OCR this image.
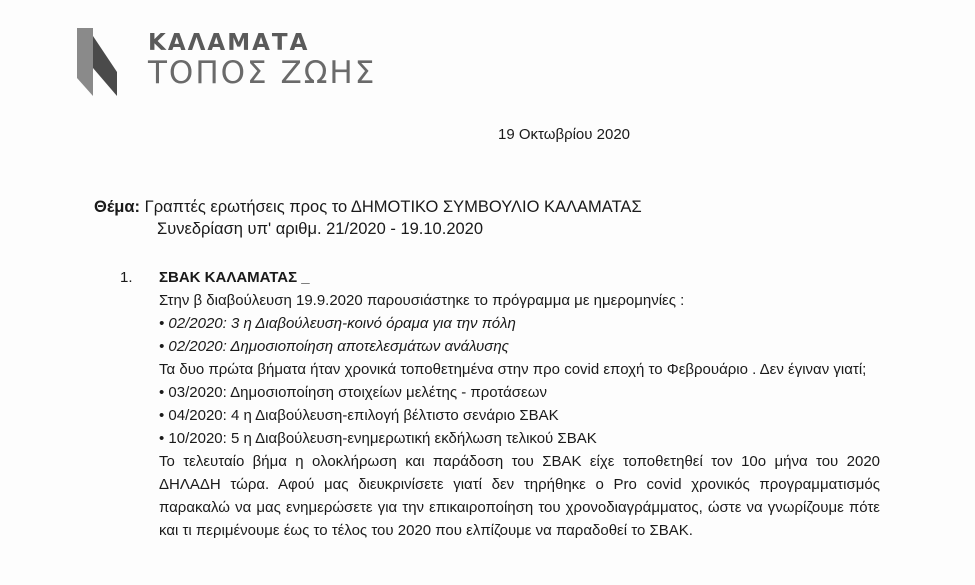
ΚΑΛΑΜΑΤΑ
ΤΟΠΟΣ ΖΩΗΣ
19 Οκτωβρίου 2020
Θέμα: Γραπτές ερωτήσεις προς το ΔΗΜΟΤΙΚΟ ΣΥΜΒΟΥΛΙΟ ΚΑΛΑΜΑΤΑΣ
Συνεδρίαση υπ' αριθμ. 21/2020 - 19.10.2020
1.	ΣΒΑΚ ΚΑΛΑΜΑΤΑΣ _
Στην β διαβούλευση 19.9.2020 παρουσιάστηκε το πρόγραμμα με ημερομηνίες :
• 02/2020: 3 η Διαβούλευση-κοινό όραμα για την πόλη
• 02/2020: Δημοσιοποίηση αποτελεσμάτων ανάλυσης
Τα δυο πρώτα βήματα ήταν χρονικά τοποθετημένα στην προ covid εποχή το Φεβρουάριο . Δεν έγιναν γιατί;
• 03/2020: Δημοσιοποίηση στοιχείων μελέτης - προτάσεων
• 04/2020: 4 η Διαβούλευση-επιλογή βέλτιστο σενάριο ΣΒΑΚ
• 10/2020: 5 η Διαβούλευση-ενημερωτική εκδήλωση τελικού ΣΒΑΚ
Το τελευταίο βήμα η ολοκλήρωση και παράδοση του ΣΒΑΚ είχε τοποθετηθεί τον 10ο μήνα του 2020 ΔΗΛΑΔΗ τώρα. Αφού μας διευκρινίσετε γιατί δεν τηρήθηκε ο Pro covid χρονικός προγραμματισμός παρακαλώ να μας ενημερώσετε για την επικαιροποίηση του χρονοδιαγράμματος, ώστε να γνωρίζουμε πότε και τι περιμένουμε έως το τέλος του 2020 που ελπίζουμε να παραδοθεί το ΣΒΑΚ.
